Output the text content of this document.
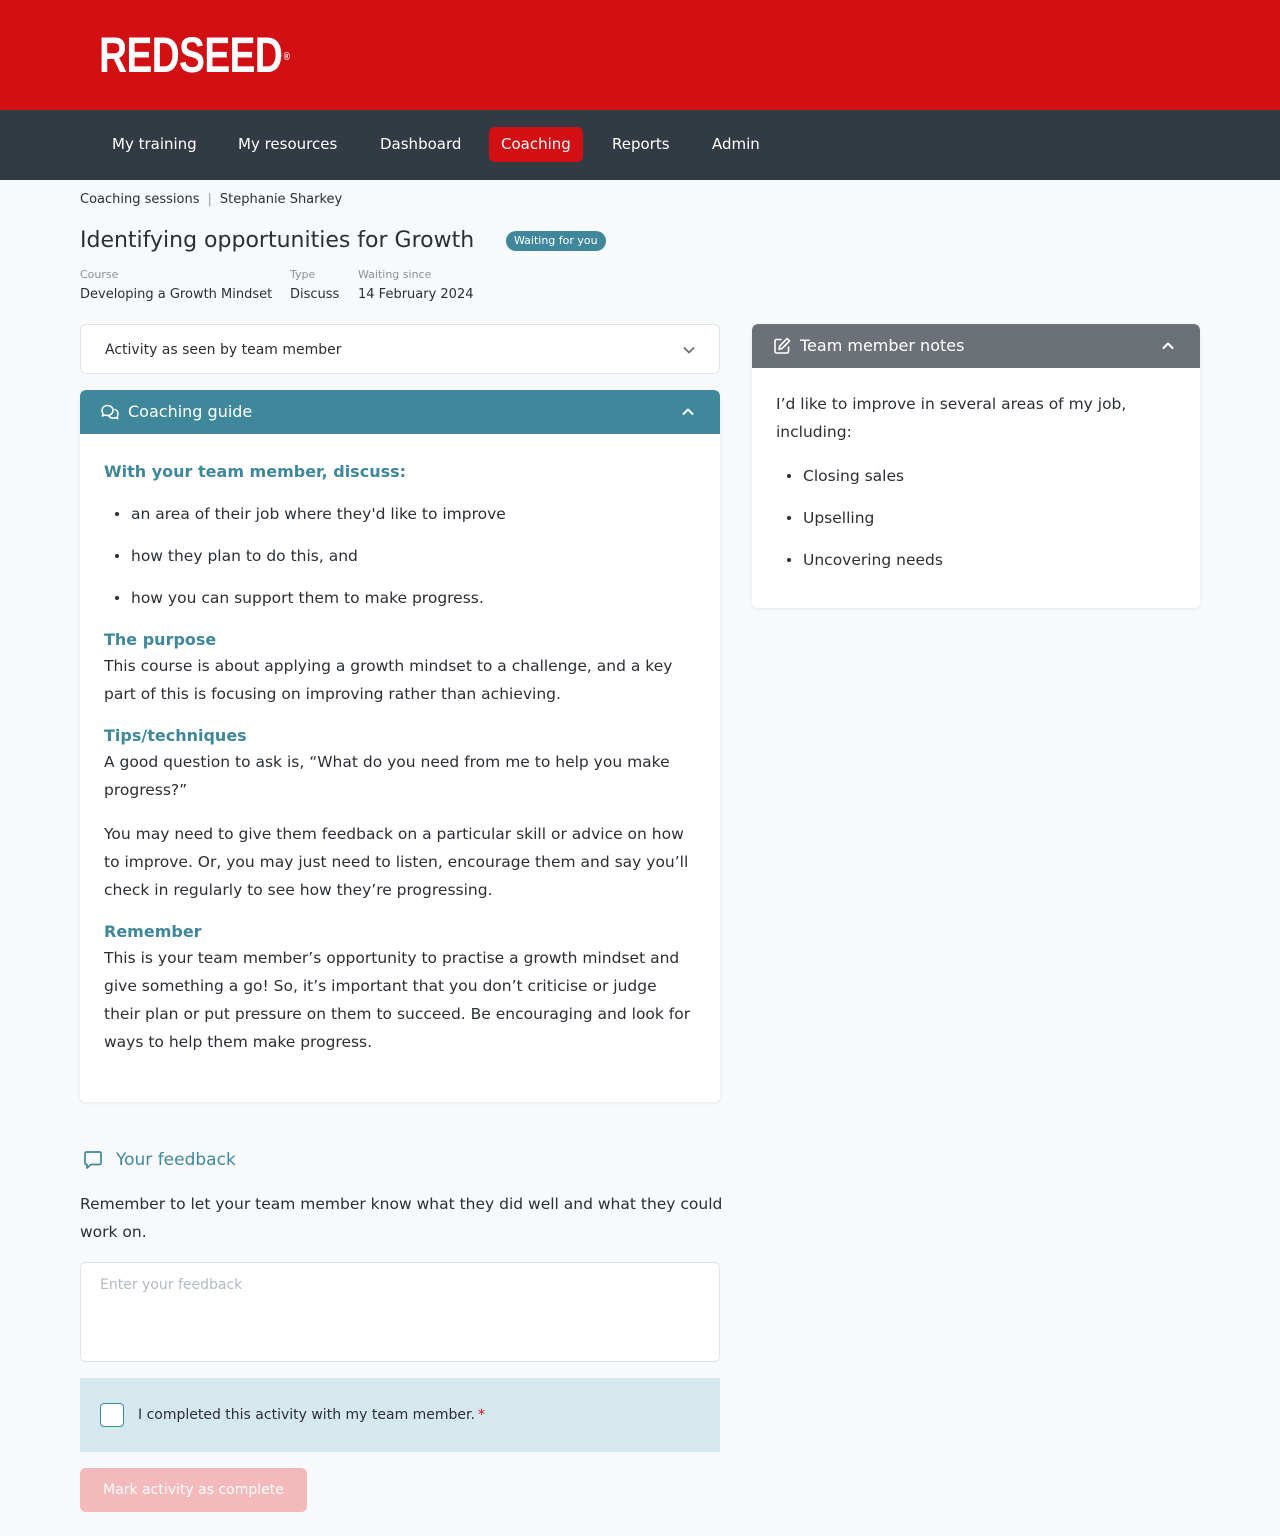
REDSEED ®
My training	My resources	Dashboard	Coaching	Reports	Admin
Coaching sessions | Stephanie Sharkey
Identifying opportunities for Growth	Waiting for you
Course
Developing a Growth Mindset
Type
Discuss
Waiting since
14 February 2024
Activity as seen by team member
Coaching guide
With your team member, discuss:
an area of their job where they'd like to improve
how they plan to do this, and
how you can support them to make progress.
The purpose
This course is about applying a growth mindset to a challenge, and a key part of this is focusing on improving rather than achieving.
Tips/techniques
A good question to ask is, “What do you need from me to help you make progress?”
You may need to give them feedback on a particular skill or advice on how to improve. Or, you may just need to listen, encourage them and say you’ll check in regularly to see how they’re progressing.
Remember
This is your team member’s opportunity to practise a growth mindset and give something a go! So, it’s important that you don’t criticise or judge their plan or put pressure on them to succeed. Be encouraging and look for ways to help them make progress.
Team member notes
I’d like to improve in several areas of my job, including:
Closing sales
Upselling
Uncovering needs
Your feedback
Remember to let your team member know what they did well and what they could work on.
Enter your feedback
I completed this activity with my team member. *
Mark activity as complete
